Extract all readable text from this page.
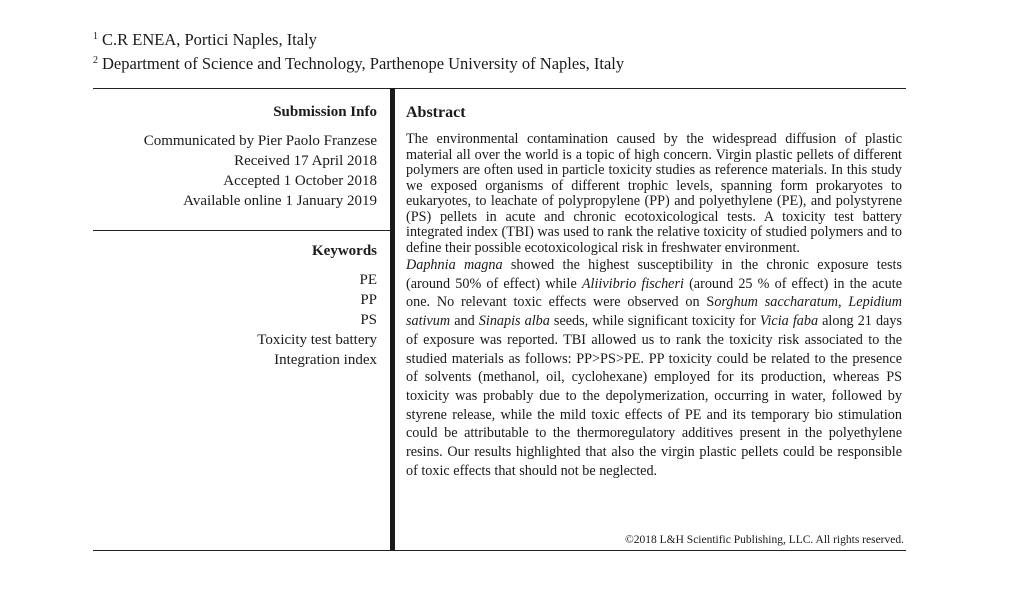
$^1$ C.R ENEA, Portici Naples, Italy
$^2$ Department of Science and Technology, Parthenope University of Naples, Italy
Submission Info
Communicated by Pier Paolo Franzese
Received 17 April 2018
Accepted 1 October 2018
Available online 1 January 2019
Keywords
PE
PP
PS
Toxicity test battery
Integration index
Abstract

The environmental contamination caused by the widespread diffusion of plastic material all over the world is a topic of high concern. Virgin plastic pellets of different polymers are often used in particle toxicity studies as reference materials. In this study we exposed organisms of different trophic levels, spanning form prokaryotes to eukaryotes, to leachate of polypropylene (PP) and polyethylene (PE), and polystyrene (PS) pellets in acute and chronic ecotoxicological tests. A toxicity test battery integrated index (TBI) was used to rank the relative toxicity of studied polymers and to define their possible ecotoxicological risk in freshwater environment.

Daphnia magna showed the highest susceptibility in the chronic exposure tests (around 50% of effect) while Aliivibrio fischeri (around 25 % of effect) in the acute one. No relevant toxic effects were observed on Sorghum saccharatum, Lepidium sativum and Sinapis alba seeds, while significant toxicity for Vicia faba along 21 days of exposure was reported. TBI allowed us to rank the toxicity risk associated to the studied materials as follows: PP>PS>PE. PP toxicity could be related to the presence of solvents (methanol, oil, cyclohexane) employed for its production, whereas PS toxicity was probably due to the depolymerization, occurring in water, followed by styrene release, while the mild toxic effects of PE and its temporary bio stimulation could be attributable to the thermoregulatory additives present in the polyethylene resins. Our results highlighted that also the virgin plastic pellets could be responsible of toxic effects that should not be neglected.

©2018 L&H Scientific Publishing, LLC. All rights reserved.
